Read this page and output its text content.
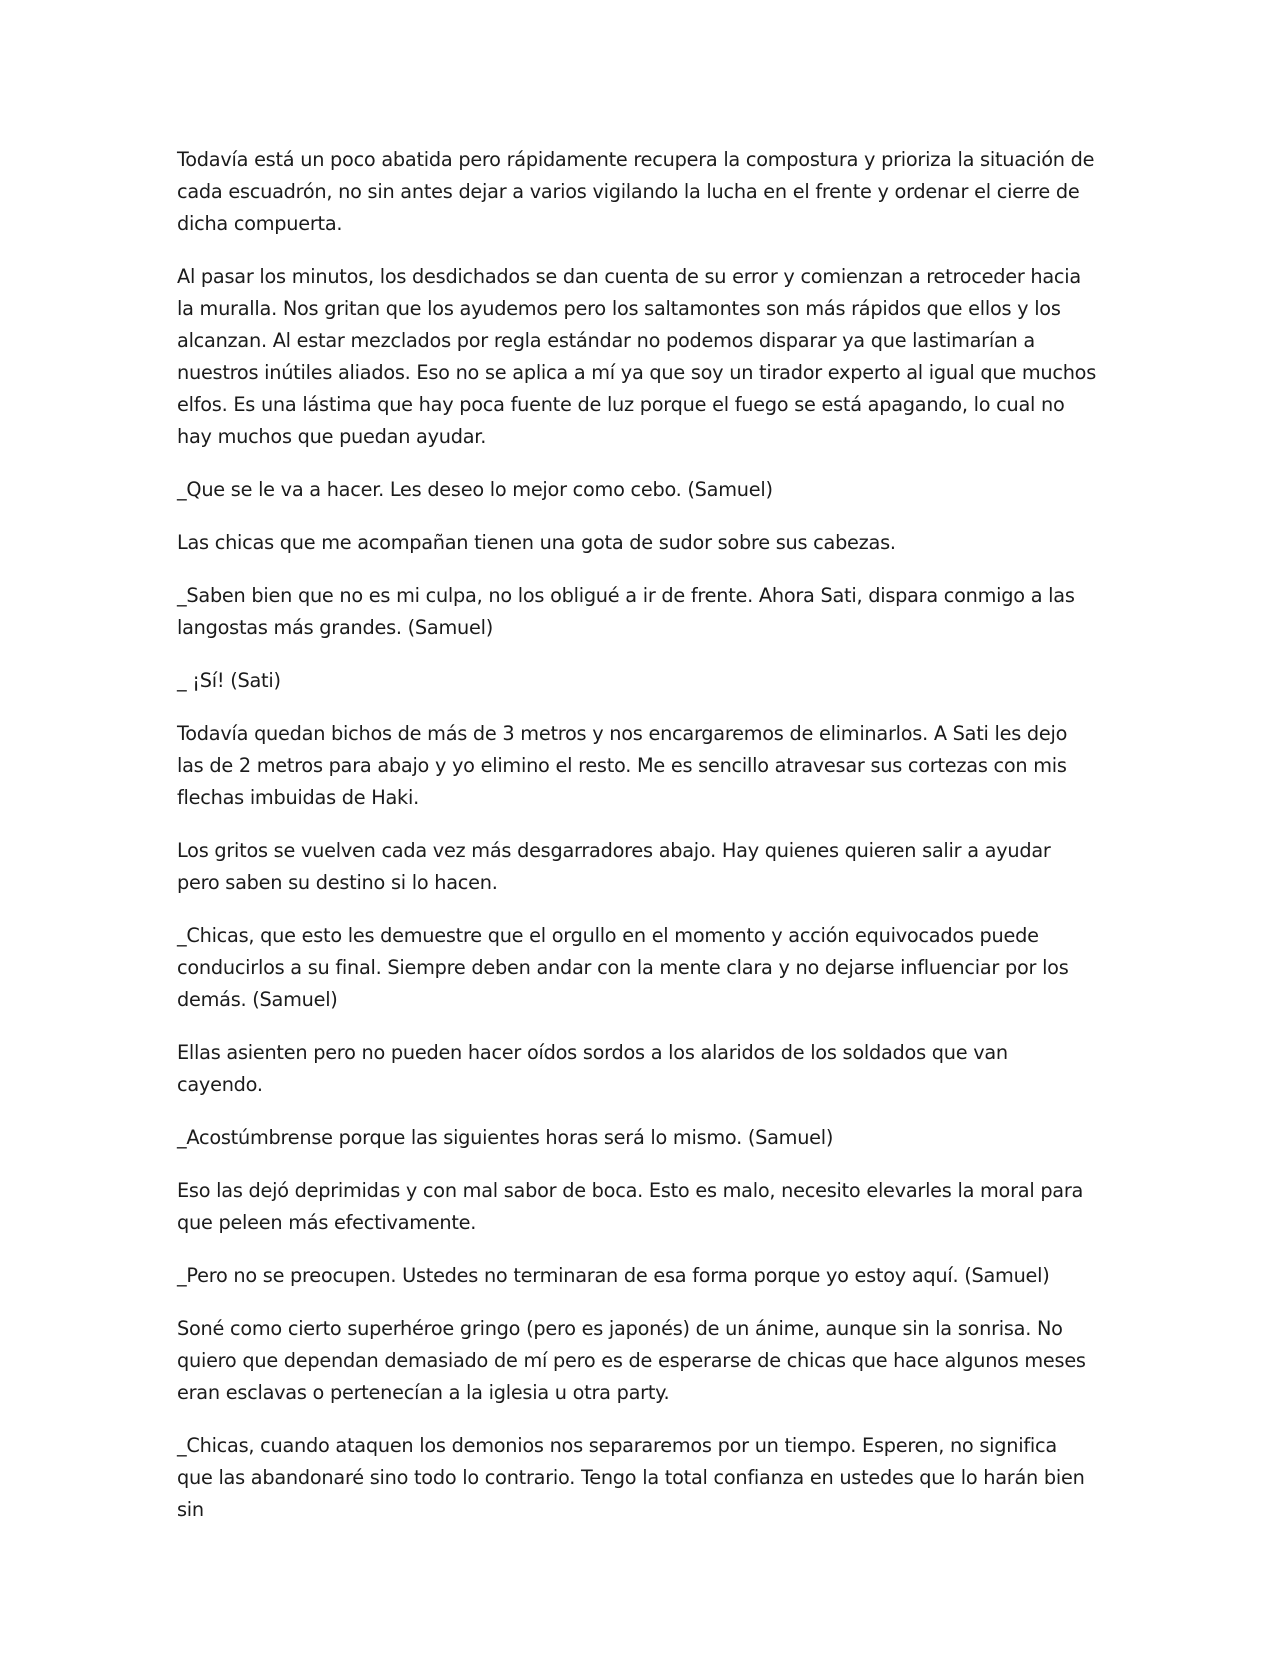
Todavía está un poco abatida pero rápidamente recupera la compostura y prioriza la situación de cada escuadrón, no sin antes dejar a varios vigilando la lucha en el frente y ordenar el cierre de dicha compuerta.

Al pasar los minutos, los desdichados se dan cuenta de su error y comienzan a retroceder hacia la muralla. Nos gritan que los ayudemos pero los saltamontes son más rápidos que ellos y los alcanzan. Al estar mezclados por regla estándar no podemos disparar ya que lastimarían a nuestros inútiles aliados. Eso no se aplica a mí ya que soy un tirador experto al igual que muchos elfos. Es una lástima que hay poca fuente de luz porque el fuego se está apagando, lo cual no hay muchos que puedan ayudar.

_Que se le va a hacer. Les deseo lo mejor como cebo. (Samuel)

Las chicas que me acompañan tienen una gota de sudor sobre sus cabezas.

_Saben bien que no es mi culpa, no los obligué a ir de frente. Ahora Sati, dispara conmigo a las langostas más grandes. (Samuel)

_ ¡Sí! (Sati)

Todavía quedan bichos de más de 3 metros y nos encargaremos de eliminarlos. A Sati les dejo las de 2 metros para abajo y yo elimino el resto. Me es sencillo atravesar sus cortezas con mis flechas imbuidas de Haki.

Los gritos se vuelven cada vez más desgarradores abajo. Hay quienes quieren salir a ayudar pero saben su destino si lo hacen.

_Chicas, que esto les demuestre que el orgullo en el momento y acción equivocados puede conducirlos a su final. Siempre deben andar con la mente clara y no dejarse influenciar por los demás. (Samuel)

Ellas asienten pero no pueden hacer oídos sordos a los alaridos de los soldados que van cayendo.

_Acostúmbrense porque las siguientes horas será lo mismo. (Samuel)

Eso las dejó deprimidas y con mal sabor de boca. Esto es malo, necesito elevarles la moral para que peleen más efectivamente.

_Pero no se preocupen. Ustedes no terminaran de esa forma porque yo estoy aquí. (Samuel)

Soné como cierto superhéroe gringo (pero es japonés) de un ánime, aunque sin la sonrisa. No quiero que dependan demasiado de mí pero es de esperarse de chicas que hace algunos meses eran esclavas o pertenecían a la iglesia u otra party.

_Chicas, cuando ataquen los demonios nos separaremos por un tiempo. Esperen, no significa que las abandonaré sino todo lo contrario. Tengo la total confianza en ustedes que lo harán bien sin
